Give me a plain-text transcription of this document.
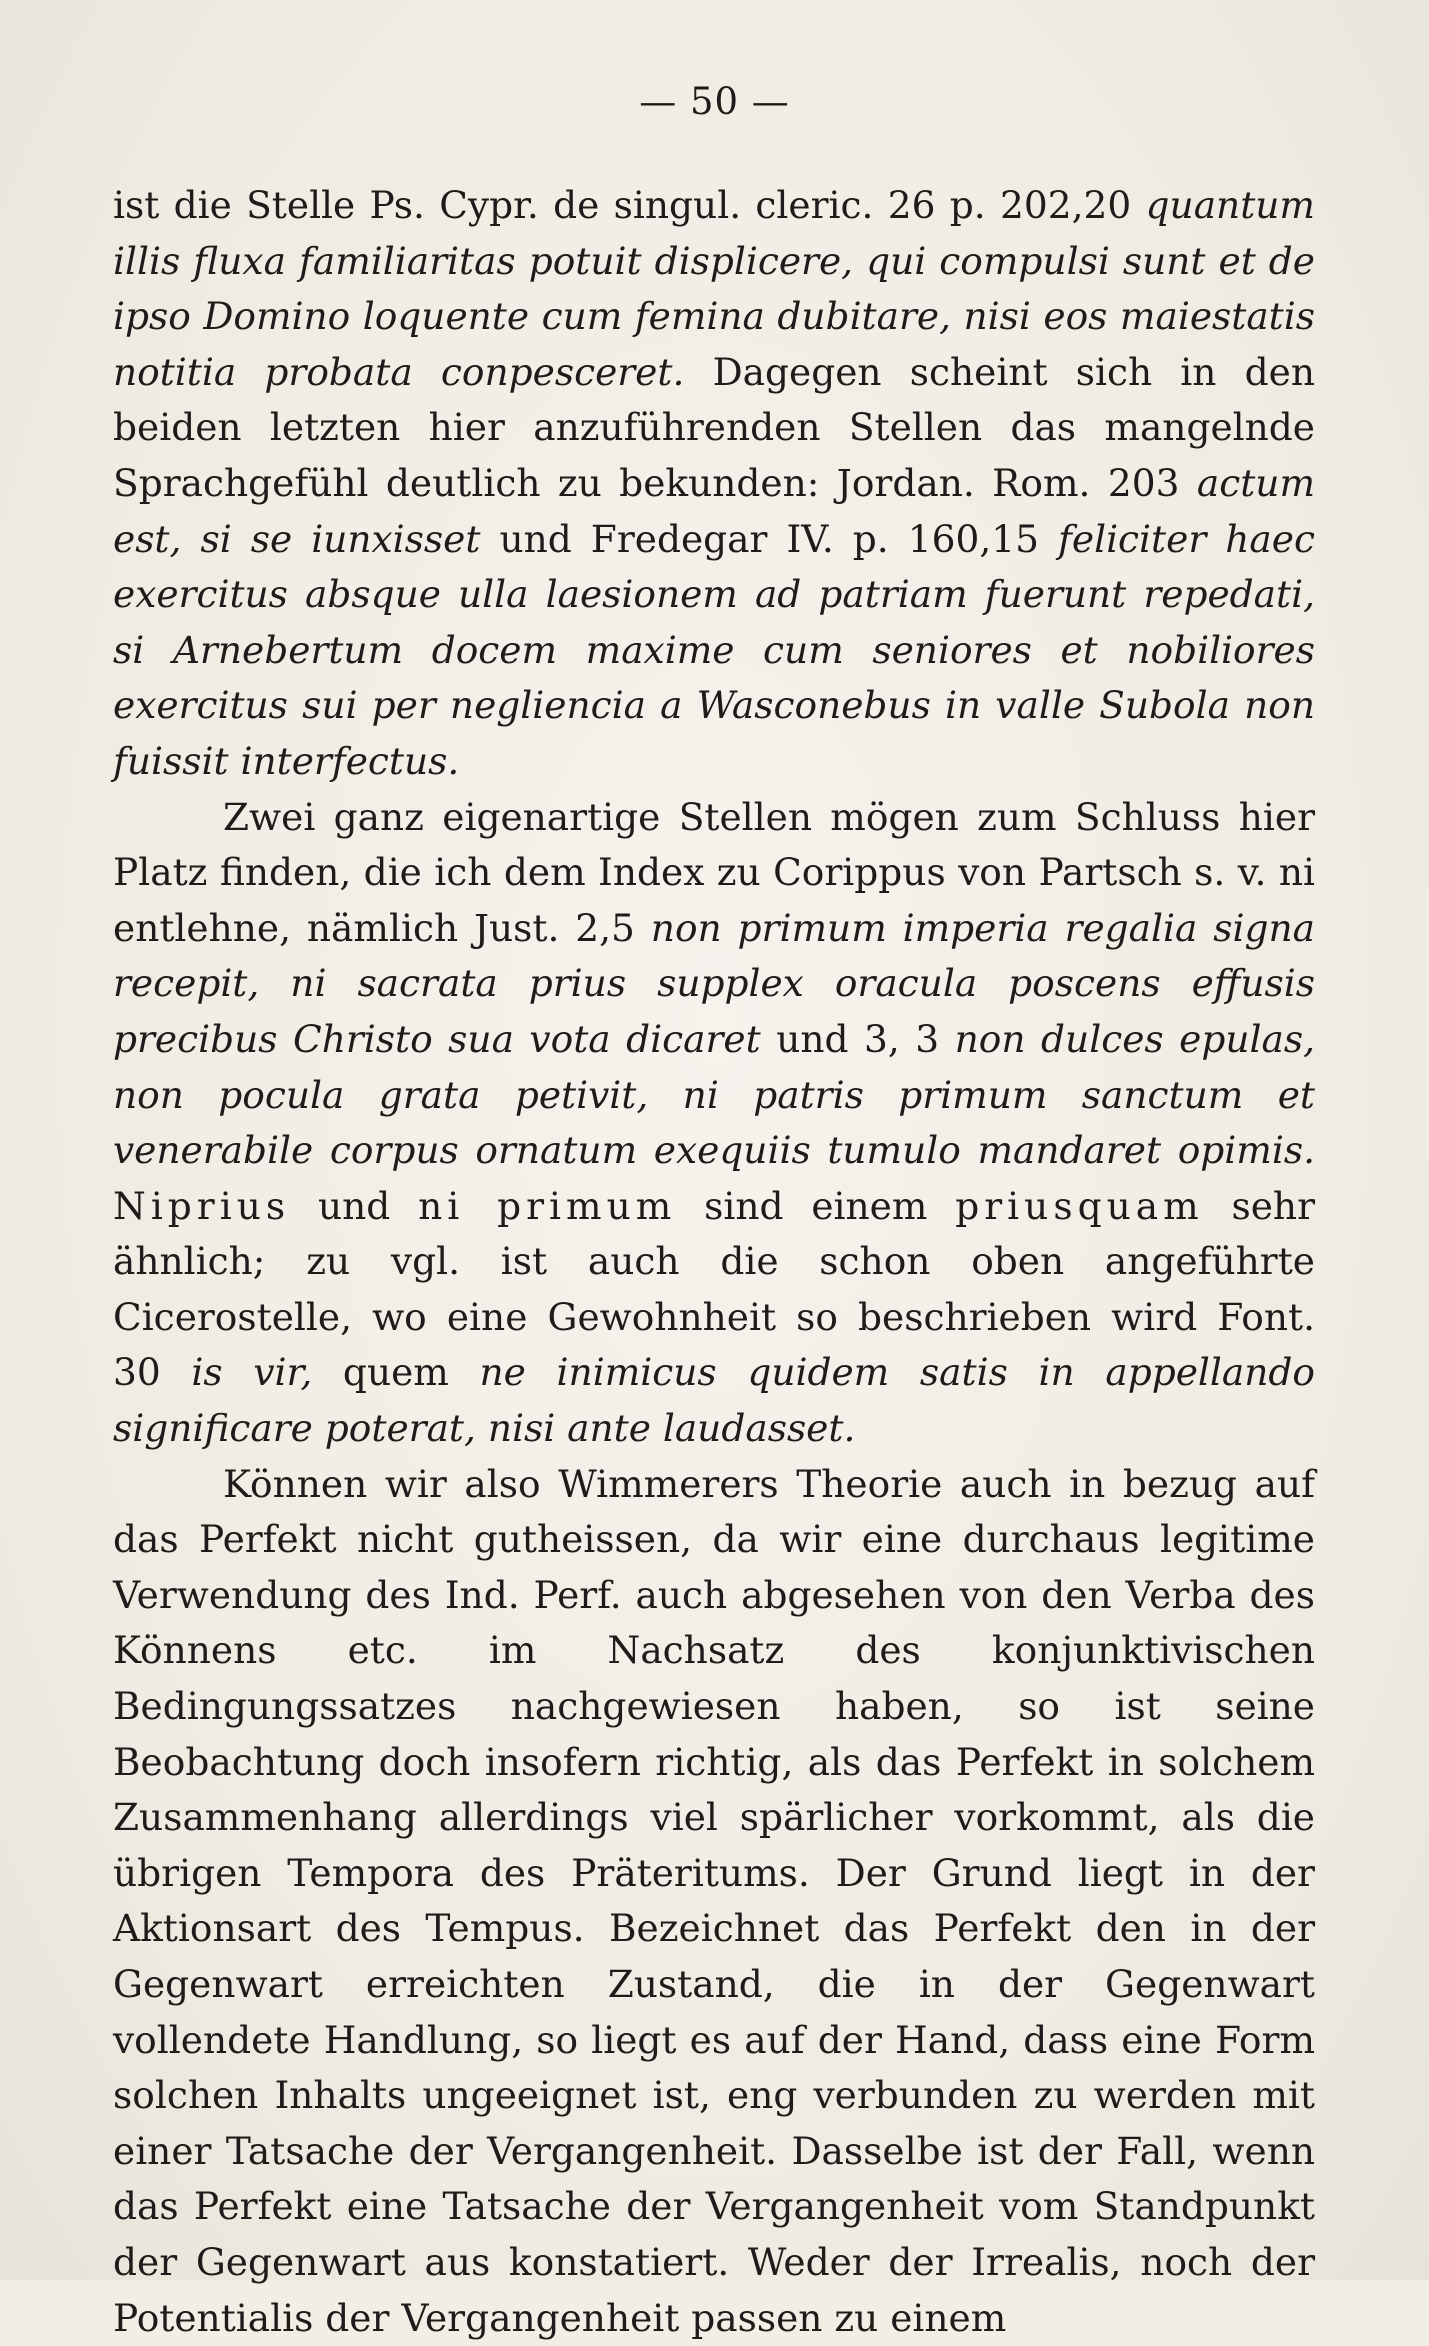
— 50 —

ist die Stelle Ps. Cypr. de singul. cleric. 26 p. 202,20 quantum illis fluxa familiaritas potuit displicere, qui compulsi sunt et de ipso Domino loquente cum femina dubitare, nisi eos maiestatis notitia probata conpesceret. Dagegen scheint sich in den beiden letzten hier anzuführenden Stellen das mangelnde Sprachgefühl deutlich zu bekunden: Jordan. Rom. 203 actum est, si se iunxisset und Fredegar IV. p. 160,15 feliciter haec exercitus absque ulla laesionem ad patriam fuerunt repedati, si Arnebertum docem maxime cum seniores et nobiliores exercitus sui per negliencia a Wasconebus in valle Subola non fuissit interfectus.

Zwei ganz eigenartige Stellen mögen zum Schluss hier Platz finden, die ich dem Index zu Corippus von Partsch s. v. ni entlehne, nämlich Just. 2,5 non primum imperia regalia signa recepit, ni sacrata prius supplex oracula poscens effusis precibus Christo sua vota dicaret und 3, 3 non dulces epulas, non pocula grata petivit, ni patris primum sanctum et venerabile corpus ornatum exequiis tumulo mandaret opimis. Niprius und ni primum sind einem priusquam sehr ähnlich; zu vgl. ist auch die schon oben angeführte Cicerostelle, wo eine Gewohnheit so beschrieben wird Font. 30 is vir, quem ne inimicus quidem satis in appellando significare poterat, nisi ante laudasset.

Können wir also Wimmerers Theorie auch in bezug auf das Perfekt nicht gutheissen, da wir eine durchaus legitime Verwendung des Ind. Perf. auch abgesehen von den Verba des Könnens etc. im Nachsatz des konjunktivischen Bedingungssatzes nachgewiesen haben, so ist seine Beobachtung doch insofern richtig, als das Perfekt in solchem Zusammenhang allerdings viel spärlicher vorkommt, als die übrigen Tempora des Präteritums. Der Grund liegt in der Aktionsart des Tempus. Bezeichnet das Perfekt den in der Gegenwart erreichten Zustand, die in der Gegenwart vollendete Handlung, so liegt es auf der Hand, dass eine Form solchen Inhalts ungeeignet ist, eng verbunden zu werden mit einer Tatsache der Vergangenheit. Dasselbe ist der Fall, wenn das Perfekt eine Tatsache der Vergangenheit vom Standpunkt der Gegenwart aus konstatiert. Weder der Irrealis, noch der Potentialis der Vergangenheit passen zu einem
